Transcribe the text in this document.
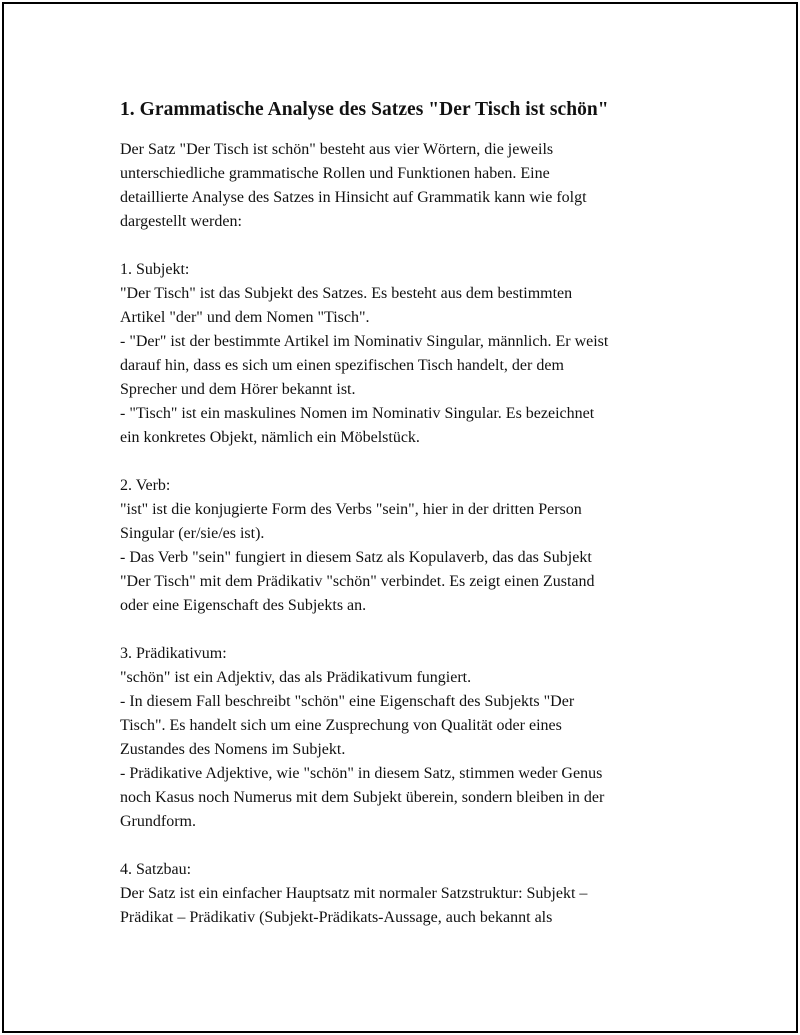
1. Grammatische Analyse des Satzes "Der Tisch ist schön"
Der Satz "Der Tisch ist schön" besteht aus vier Wörtern, die jeweils
unterschiedliche grammatische Rollen und Funktionen haben. Eine
detaillierte Analyse des Satzes in Hinsicht auf Grammatik kann wie folgt
dargestellt werden:
1. Subjekt:
"Der Tisch" ist das Subjekt des Satzes. Es besteht aus dem bestimmten
Artikel "der" und dem Nomen "Tisch".
- "Der" ist der bestimmte Artikel im Nominativ Singular, männlich. Er weist
darauf hin, dass es sich um einen spezifischen Tisch handelt, der dem
Sprecher und dem Hörer bekannt ist.
- "Tisch" ist ein maskulines Nomen im Nominativ Singular. Es bezeichnet
ein konkretes Objekt, nämlich ein Möbelstück.
2. Verb:
"ist" ist die konjugierte Form des Verbs "sein", hier in der dritten Person
Singular (er/sie/es ist).
- Das Verb "sein" fungiert in diesem Satz als Kopulaverb, das das Subjekt
"Der Tisch" mit dem Prädikativ "schön" verbindet. Es zeigt einen Zustand
oder eine Eigenschaft des Subjekts an.
3. Prädikativum:
"schön" ist ein Adjektiv, das als Prädikativum fungiert.
- In diesem Fall beschreibt "schön" eine Eigenschaft des Subjekts "Der
Tisch". Es handelt sich um eine Zusprechung von Qualität oder eines
Zustandes des Nomens im Subjekt.
- Prädikative Adjektive, wie "schön" in diesem Satz, stimmen weder Genus
noch Kasus noch Numerus mit dem Subjekt überein, sondern bleiben in der
Grundform.
4. Satzbau:
Der Satz ist ein einfacher Hauptsatz mit normaler Satzstruktur: Subjekt –
Prädikat – Prädikativ (Subjekt-Prädikats-Aussage, auch bekannt als
